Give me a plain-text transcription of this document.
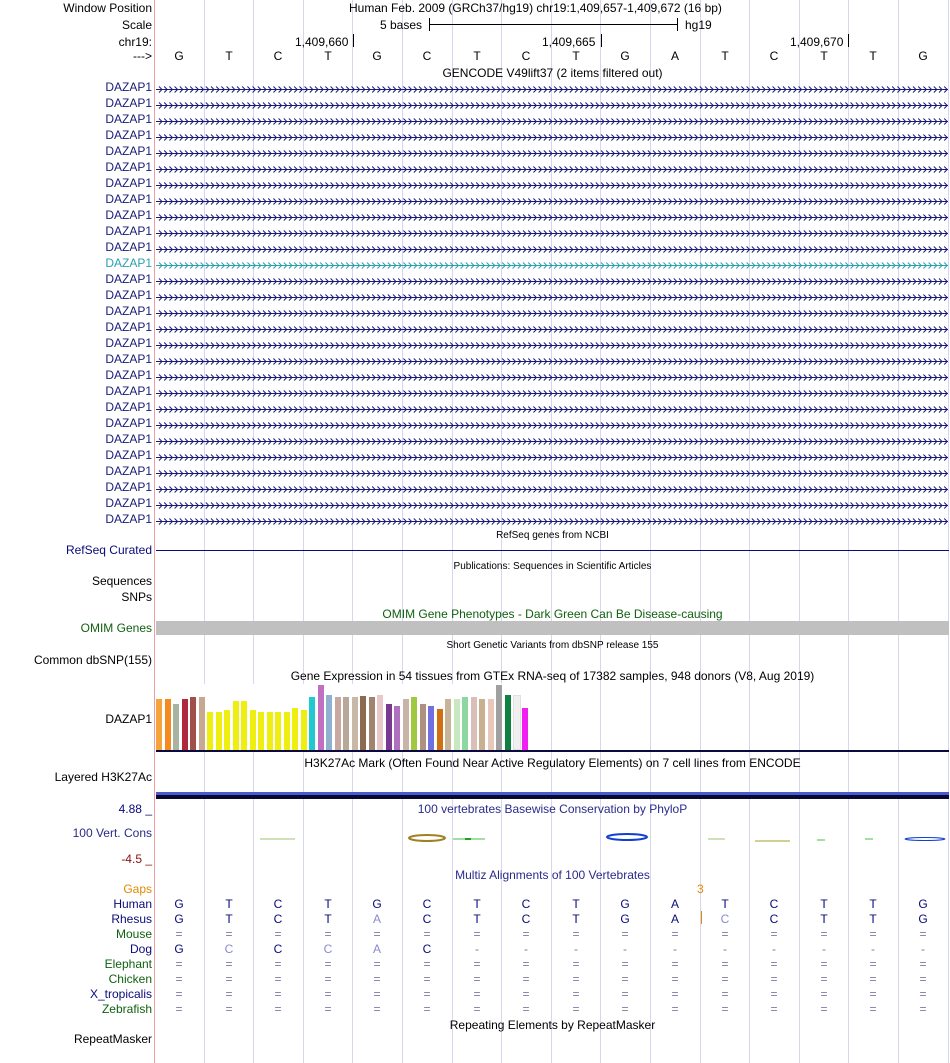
Window Position	Human Feb. 2009 (GRCh37/hg19) chr19:1,409,657-1,409,672 (16 bp)
Scale	5 bases	hg19
chr19:	1,409,660	1,409,665	1,409,670
--->	G	T	C	T	G	C	T	C	T	G	A	T	C	T	T	G
GENCODE V49lift37 (2 items filtered out)
DAZAP1
DAZAP1
DAZAP1
DAZAP1
DAZAP1
DAZAP1
DAZAP1
DAZAP1
DAZAP1
DAZAP1
DAZAP1
DAZAP1
DAZAP1
DAZAP1
DAZAP1
DAZAP1
DAZAP1
DAZAP1
DAZAP1
DAZAP1
DAZAP1
DAZAP1
DAZAP1
DAZAP1
DAZAP1
DAZAP1
DAZAP1
DAZAP1
RefSeq genes from NCBI
RefSeq Curated
Publications: Sequences in Scientific Articles
Sequences
SNPs
OMIM Gene Phenotypes - Dark Green Can Be Disease-causing
OMIM Genes
Short Genetic Variants from dbSNP release 155
Common dbSNP(155)
Gene Expression in 54 tissues from GTEx RNA-seq of 17382 samples, 948 donors (V8, Aug 2019)
DAZAP1
H3K27Ac Mark (Often Found Near Active Regulatory Elements) on 7 cell lines from ENCODE
Layered H3K27Ac
4.88 _	100 vertebrates Basewise Conservation by PhyloP
100 Vert. Cons
-4.5 _
Multiz Alignments of 100 Vertebrates
Gaps	3
Human	G	T	C	T	G	C	T	C	T	G	A	T	C	T	T	G
Rhesus	G	T	C	T	A	C	T	C	T	G	A	C	C	T	T	G
Mouse	=	=	=	=	=	=	=	=	=	=	=	=	=	=	=	=
Dog	G	C	C	C	A	C	-	-	-	-	-	-	-	-	-	-
Elephant	=	=	=	=	=	=	=	=	=	=	=	=	=	=	=	=
Chicken	=	=	=	=	=	=	=	=	=	=	=	=	=	=	=	=
X_tropicalis	=	=	=	=	=	=	=	=	=	=	=	=	=	=	=	=
Zebrafish	=	=	=	=	=	=	=	=	=	=	=	=	=	=	=	=
Repeating Elements by RepeatMasker
RepeatMasker
